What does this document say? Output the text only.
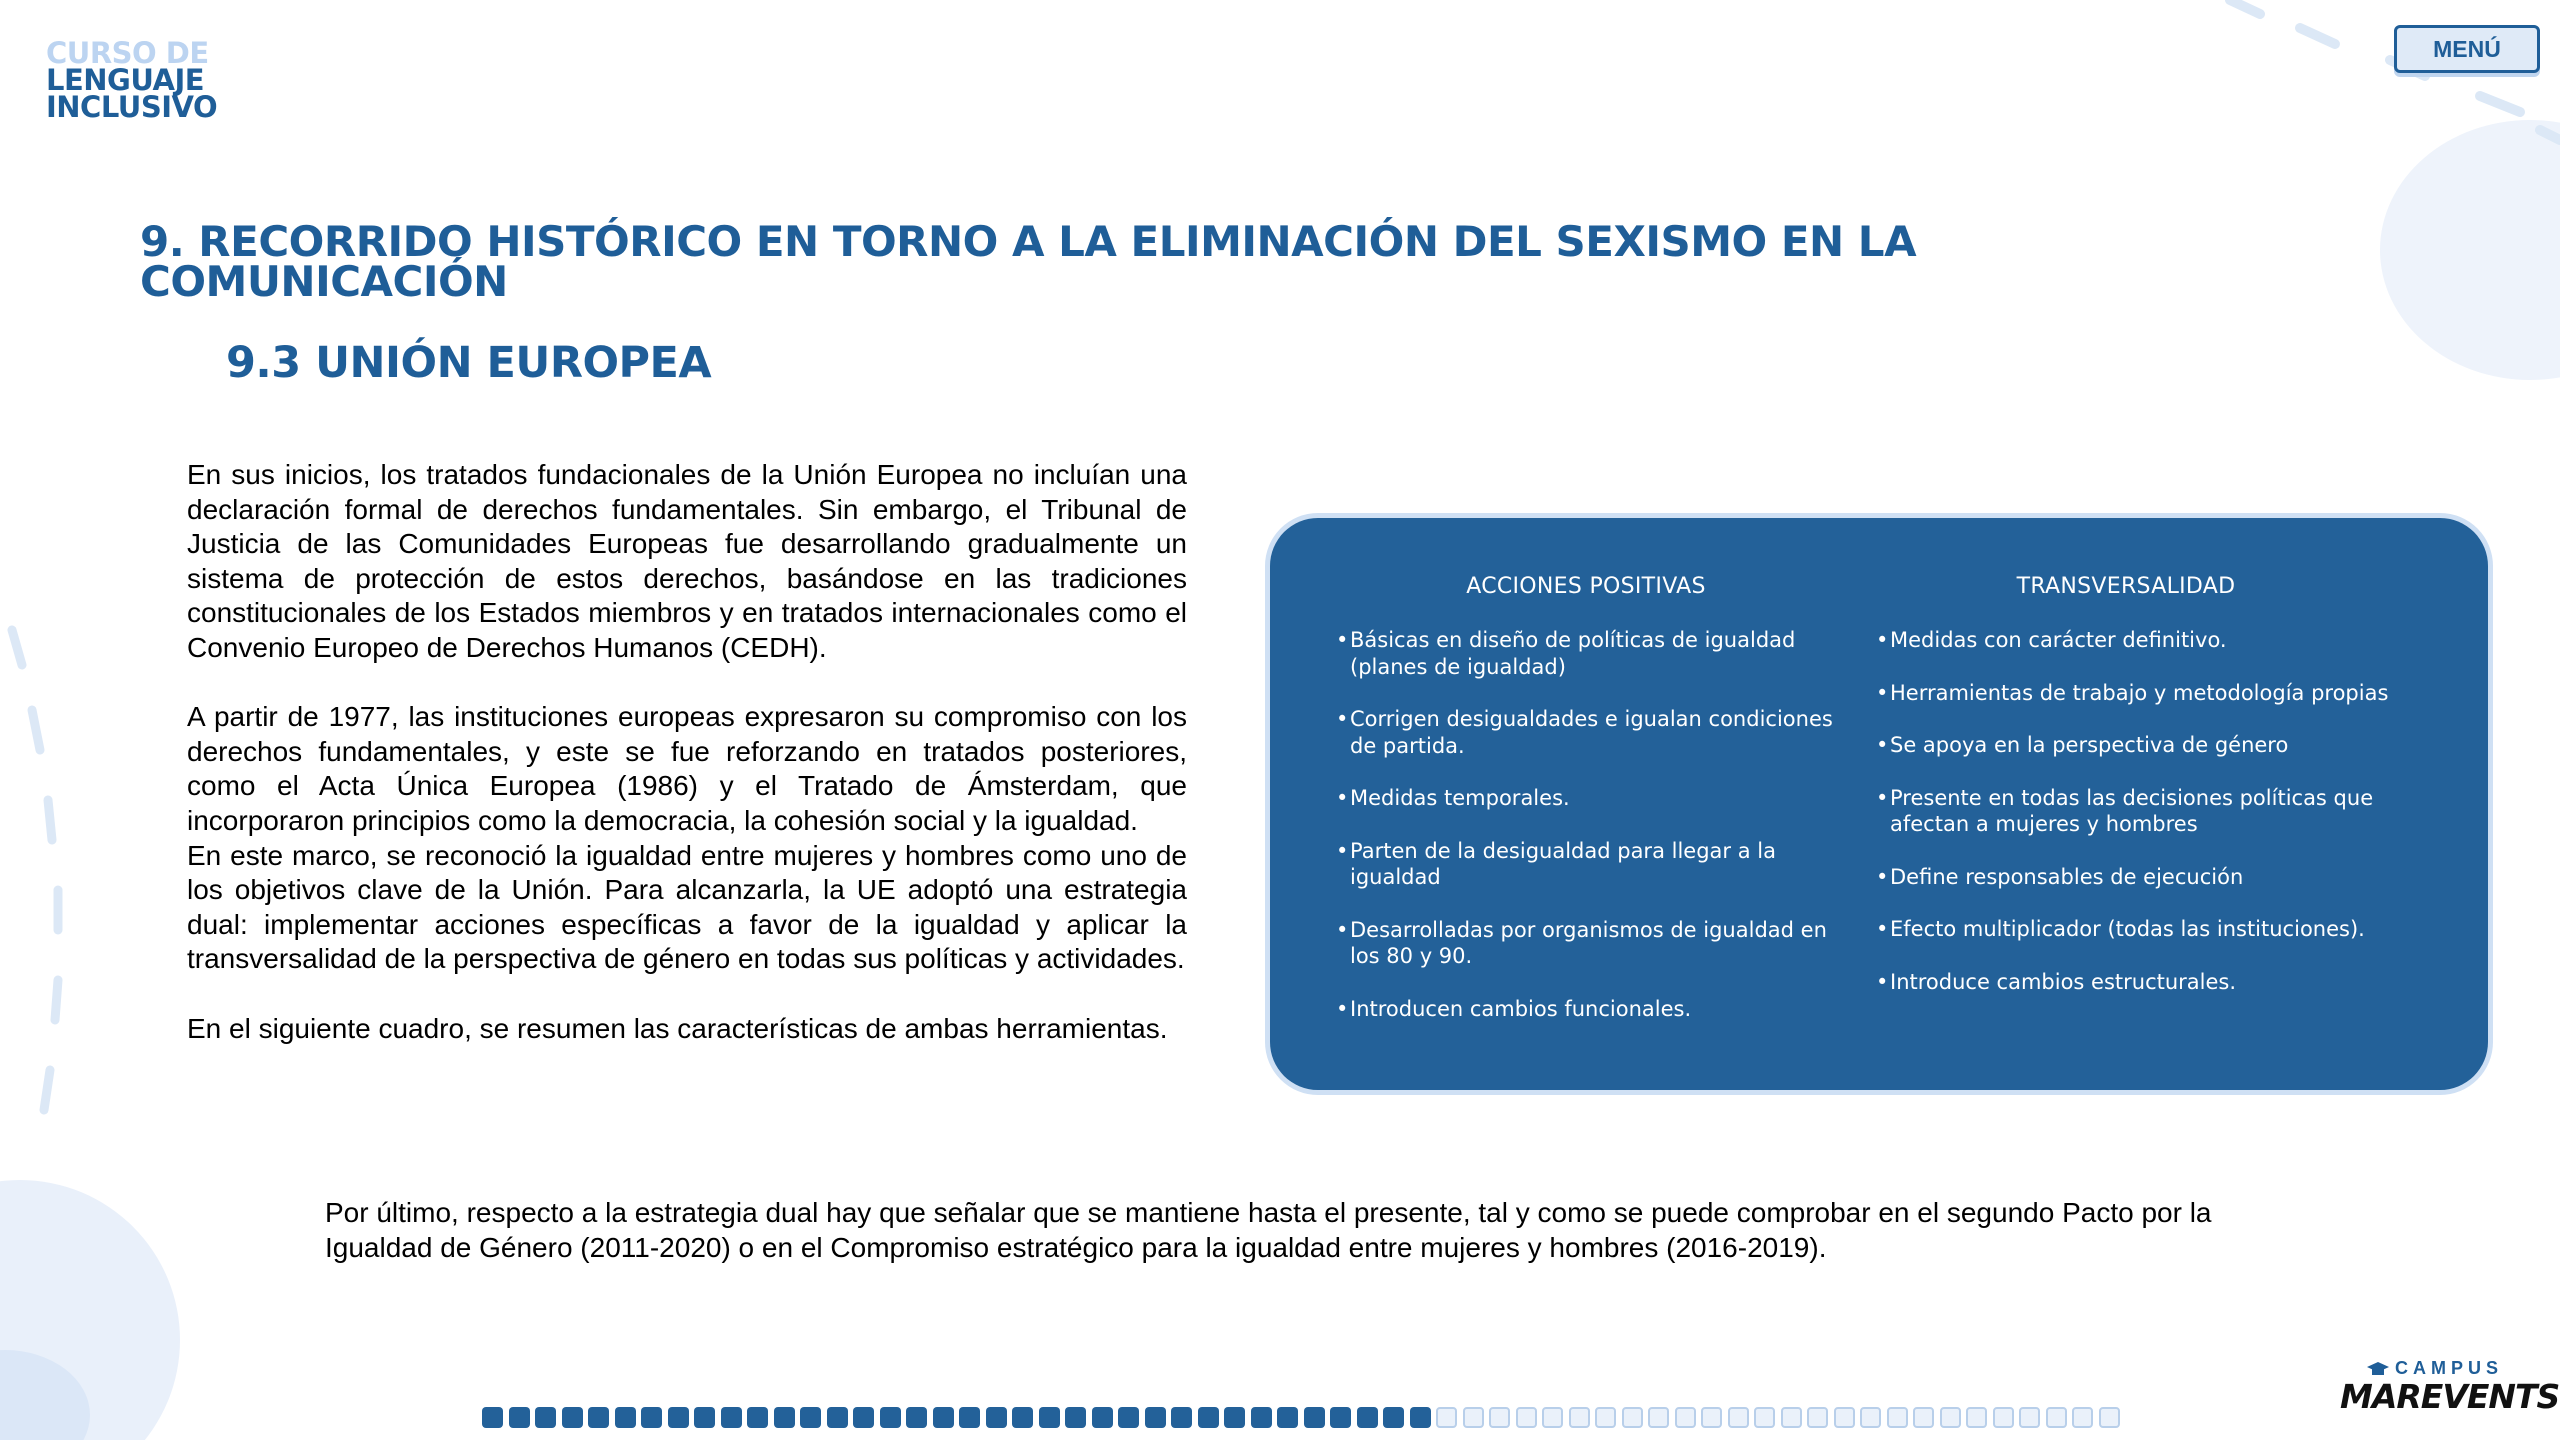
CURSO DE
LENGUAJE
INCLUSIVO
MENÚ
9. RECORRIDO HISTÓRICO EN TORNO A LA ELIMINACIÓN DEL SEXISMO EN LA COMUNICACIÓN
9.3 UNIÓN EUROPEA

En sus inicios, los tratados fundacionales de la Unión Europea no incluían una declaración formal de derechos fundamentales. Sin embargo, el Tribunal de Justicia de las Comunidades Europeas fue desarrollando gradualmente un sistema de protección de estos derechos, basándose en las tradiciones constitucionales de los Estados miembros y en tratados internacionales como el Convenio Europeo de Derechos Humanos (CEDH).

A partir de 1977, las instituciones europeas expresaron su compromiso con los derechos fundamentales, y este se fue reforzando en tratados posteriores, como el Acta Única Europea (1986) y el Tratado de Ámsterdam, que incorporaron principios como la democracia, la cohesión social y la igualdad.

En este marco, se reconoció la igualdad entre mujeres y hombres como uno de los objetivos clave de la Unión. Para alcanzarla, la UE adoptó una estrategia dual: implementar acciones específicas a favor de la igualdad y aplicar la transversalidad de la perspectiva de género en todas sus políticas y actividades.

En el siguiente cuadro, se resumen las características de ambas herramientas.

ACCIONES POSITIVAS
• Básicas en diseño de políticas de igualdad (planes de igualdad)
• Corrigen desigualdades e igualan condiciones de partida.
• Medidas temporales.
• Parten de la desigualdad para llegar a la igualdad
• Desarrolladas por organismos de igualdad en los 80 y 90.
• Introducen cambios funcionales.
TRANSVERSALIDAD
• Medidas con carácter definitivo.
• Herramientas de trabajo y metodología propias
• Se apoya en la perspectiva de género
• Presente en todas las decisiones políticas que afectan a mujeres y hombres
• Define responsables de ejecución
• Efecto multiplicador (todas las instituciones).
• Introduce cambios estructurales.

Por último, respecto a la estrategia dual hay que señalar que se mantiene hasta el presente, tal y como se puede comprobar en el segundo Pacto por la Igualdad de Género (2011-2020) o en el Compromiso estratégico para la igualdad entre mujeres y hombres (2016-2019).

CAMPUS
MAREVENTS
